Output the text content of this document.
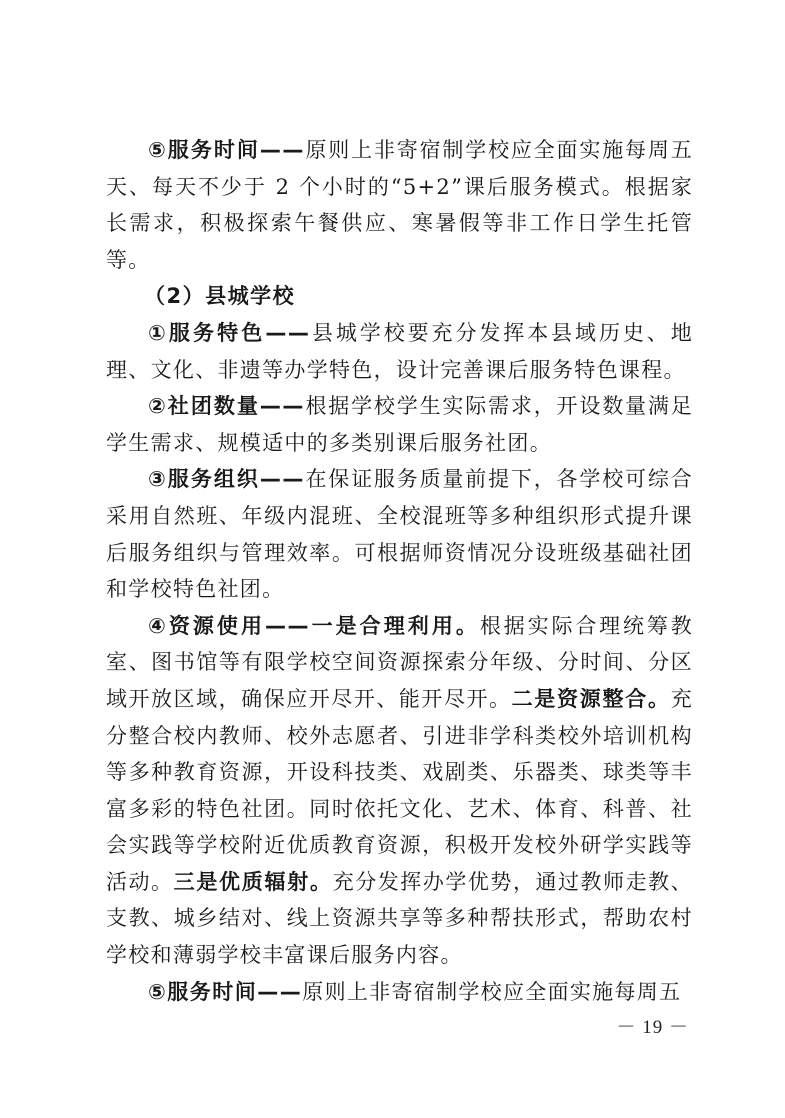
⑤服务时间——原则上非寄宿制学校应全面实施每周五天、每天不少于 2 个小时的“5+2”课后服务模式。根据家长需求，积极探索午餐供应、寒暑假等非工作日学生托管等。

（2）县城学校

①服务特色——县城学校要充分发挥本县域历史、地理、文化、非遗等办学特色，设计完善课后服务特色课程。

②社团数量——根据学校学生实际需求，开设数量满足学生需求、规模适中的多类别课后服务社团。

③服务组织——在保证服务质量前提下，各学校可综合采用自然班、年级内混班、全校混班等多种组织形式提升课后服务组织与管理效率。可根据师资情况分设班级基础社团和学校特色社团。

④资源使用——一是合理利用。根据实际合理统筹教室、图书馆等有限学校空间资源探索分年级、分时间、分区域开放区域，确保应开尽开、能开尽开。二是资源整合。充分整合校内教师、校外志愿者、引进非学科类校外培训机构等多种教育资源，开设科技类、戏剧类、乐器类、球类等丰富多彩的特色社团。同时依托文化、艺术、体育、科普、社会实践等学校附近优质教育资源，积极开发校外研学实践等活动。三是优质辐射。充分发挥办学优势，通过教师走教、支教、城乡结对、线上资源共享等多种帮扶形式，帮助农村学校和薄弱学校丰富课后服务内容。

⑤服务时间——原则上非寄宿制学校应全面实施每周五

－ 19 －
